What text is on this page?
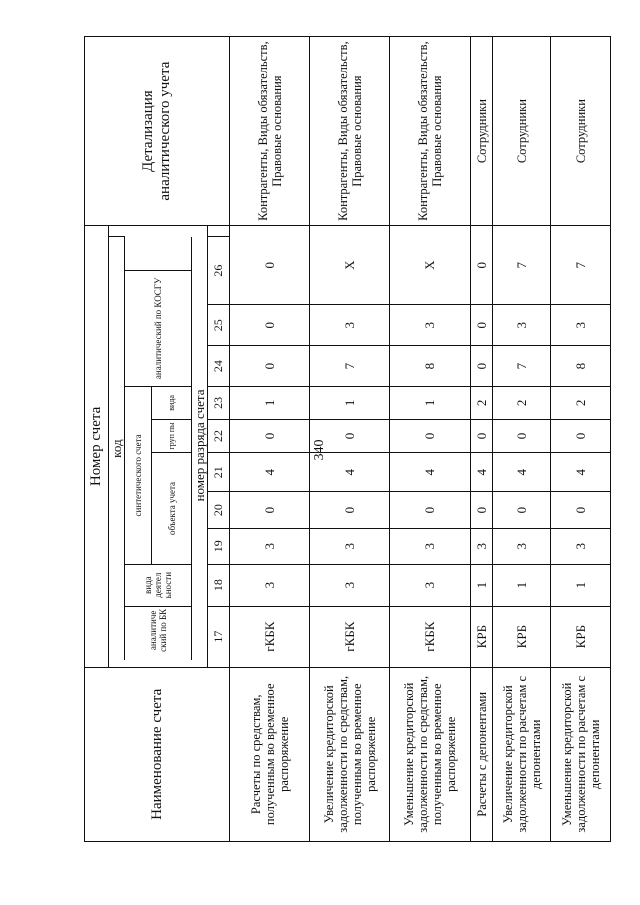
340
Наименование счета	Номер счета														Детализация аналитического учета
		код													
			аналитиче ский по БК	вида деятел ьности	синтетического счета					аналитический по КОСГУ					
					объекта учета			груп пы	вида						
			номер разряда счета												
	17			18	19	20	21	22	23	24	25	26			
Расчеты по средствам, полученным во временное распоряжение	гКБК			3	3	0	4	0	1	0	0	0			Контрагенты, Виды обязательств, Правовые основания
Увеличение кредиторской задолженности по средствам, полученным во временное распоряжение	гКБК			3	3	0	4	0	1	7	3	Х			Контрагенты, Виды обязательств, Правовые основания
Уменьшение кредиторской задолженности по средствам, полученным во временное распоряжение	гКБК			3	3	0	4	0	1	8	3	Х			Контрагенты, Виды обязательств, Правовые основания
Расчеты с депонентами	КРБ			1	3	0	4	0	2	0	0	0			Сотрудники
Увеличение кредиторской задолженности по расчетам с депонентами	КРБ			1	3	0	4	0	2	7	3	7			Сотрудники
Уменьшение кредиторской задолженности по расчетам с депонентами	КРБ			1	3	0	4	0	2	8	3	7			Сотрудники
